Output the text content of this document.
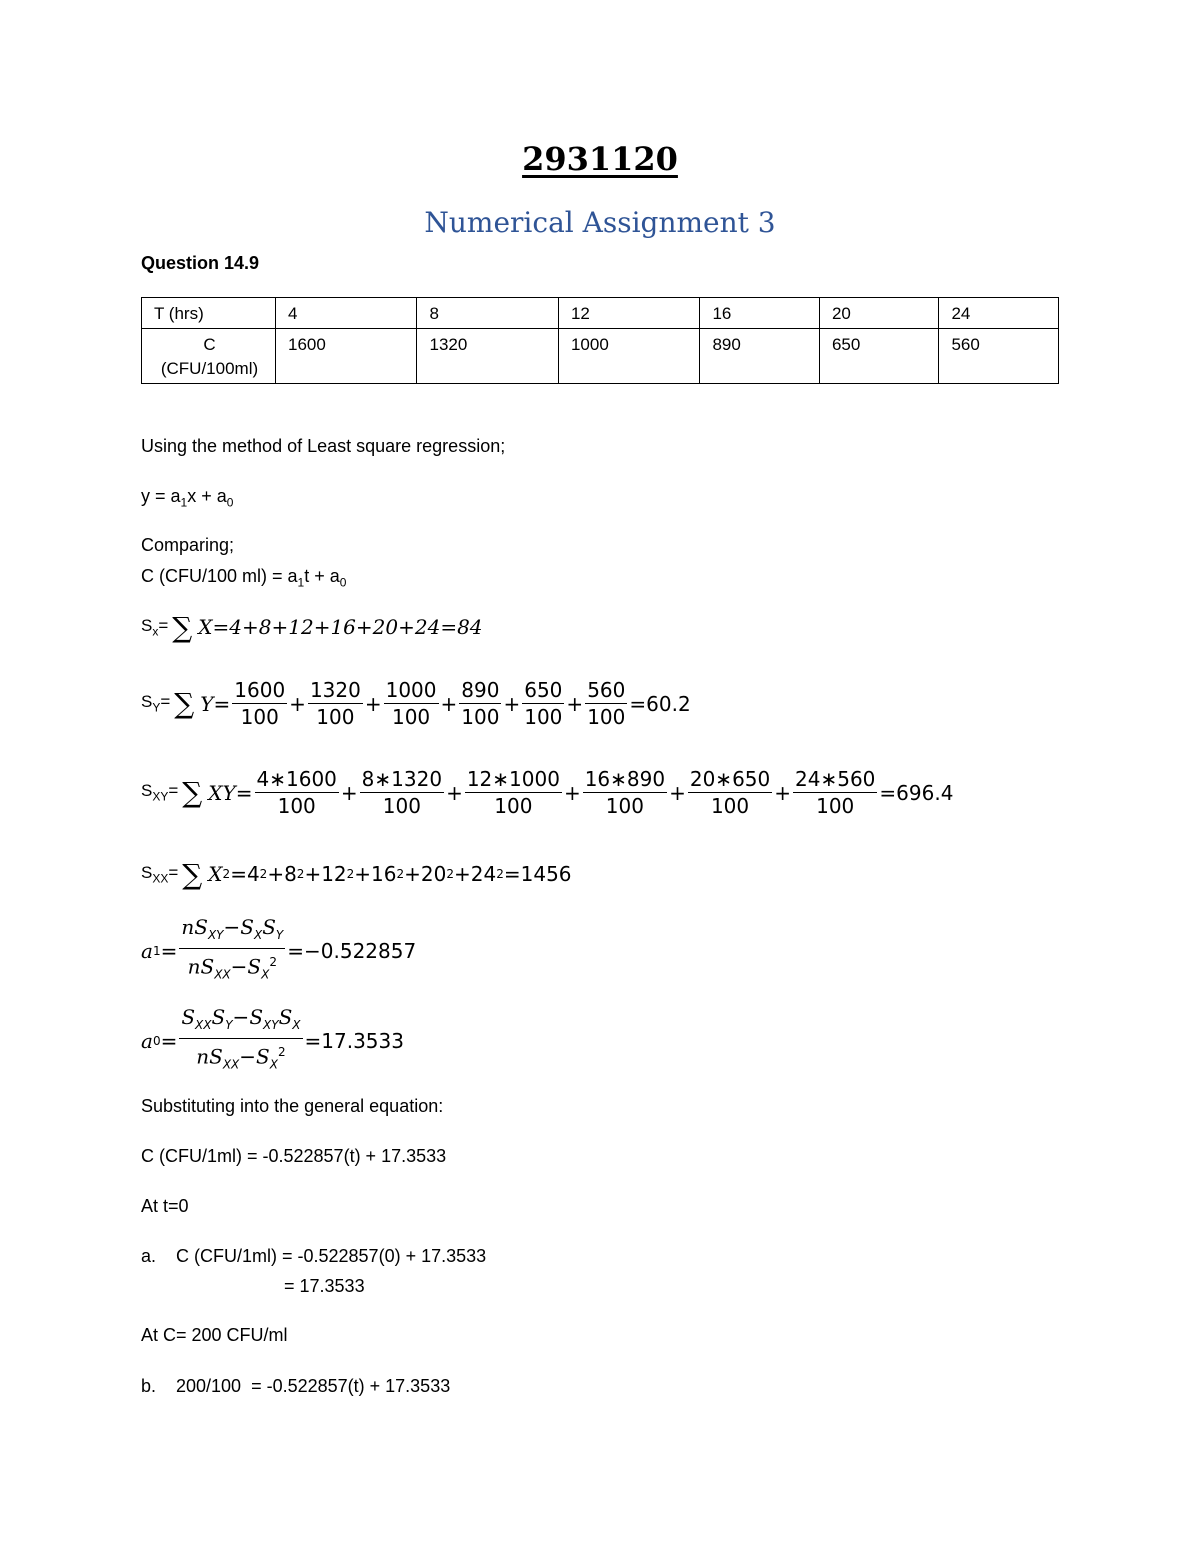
2931120
Numerical Assignment 3
Question 14.9
T (hrs)	4	8	12	16	20	24

C
(CFU/100ml)	1600	1320	1000	890	650	560
Using the method of Least square regression;
$y = a_1x + a_0$
Comparing;
C (CFU/100 $ml) = a_1t + a_0$
$S_x=$ ∑ X=4+8+12+16+20+24=84
$S_Y=$ ∑ $Y = \frac{1600}{100} + \frac{1320}{100} + \frac{1000}{100} + \frac{890}{100} + \frac{650}{100} + \frac{560}{100} =60.2$
$S_{XY}=$ ∑ XY = $\frac{4∗1600}{100} + \frac{8∗1320}{100} + \frac{12∗1000}{100} + \frac{16∗890}{100} + \frac{20∗650}{100} + \frac{24∗560}{100} =696.4$
$S_{XX}=$ ∑ X 2 =4 2 +8 2 +12 2 +16 2 +20 2 +24 2 =1456
a $1 = \frac{nS_{XY}-S_XS_Y}{nS_{XX}-S_X^2} =-0.522857$
a $0 = \frac{S_{XX}S_Y-S_{XY}S_X}{nS_{XX}-S_X^2} =17.3533$
Substituting into the general equation:
C (CFU/1ml) = -0.522857(t) + 17.3533
At t=0
a. C (CFU/1ml) = -0.522857(0) + 17.3533
= 17.3533
At C= 200 CFU/ml
b. 200/100  = -0.522857(t) + 17.3533
